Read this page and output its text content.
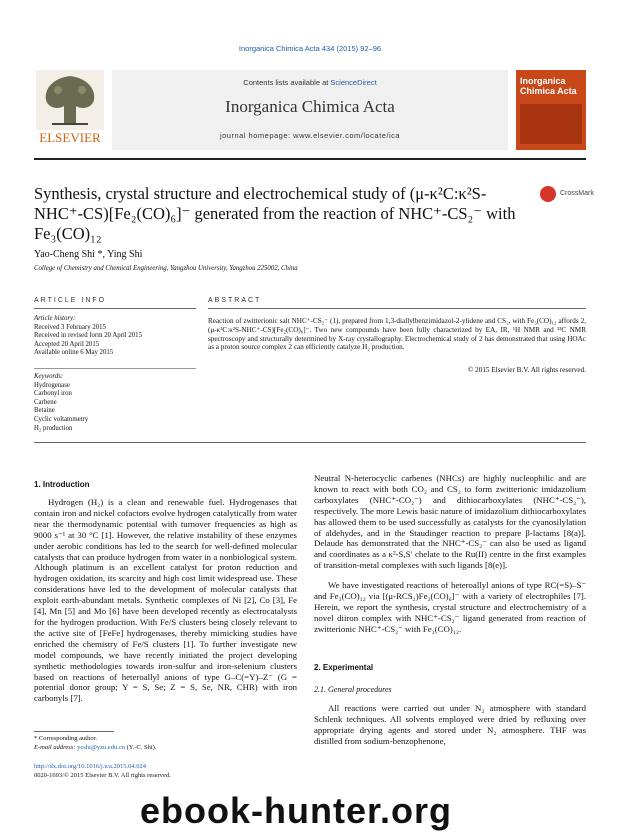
Inorganica Chimica Acta 434 (2015) 92–96
ELSEVIER
Contents lists available at ScienceDirect
Inorganica Chimica Acta
journal homepage: www.elsevier.com/locate/ica
Inorganica Chimica Acta
Synthesis, crystal structure and electrochemical study of (μ-κ²C:κ²S-NHC⁺-CS)[Fe₂(CO)₆]⁻ generated from the reaction of NHC⁺-CS₂⁻ with Fe₃(CO)₁₂
CrossMark
Yao-Cheng Shi *, Ying Shi
College of Chemistry and Chemical Engineering, Yangzhou University, Yangzhou 225002, China
ARTICLE INFO	ABSTRACT
Article history:
Received 3 February 2015
Received in revised form 20 April 2015
Accepted 20 April 2015
Available online 6 May 2015
Keywords:
Hydrogenase
Carbonyl iron
Carbene
Betaine
Cyclic voltammetry
H₂ production
Reaction of zwitterionic salt NHC⁺-CS₂⁻ (1), prepared from 1,3-diallylbenzimidazol-2-ylidene and CS₂, with Fe₃(CO)₁₂ affords 2, (μ-κ²C:κ²S-NHC⁺-CS)[Fe₂(CO)₆]⁻. Two new compounds have been fully characterized by EA, IR, ¹H NMR and ¹³C NMR spectroscopy and structurally determined by X-ray crystallography. Electrochemical study of 2 has demonstrated that using HOAc as a proton source complex 2 can efficiently catalyze H₂ production.
© 2015 Elsevier B.V. All rights reserved.
1. Introduction
Hydrogen (H₂) is a clean and renewable fuel. Hydrogenases that contain iron and nickel cofactors evolve hydrogen catalytically from water near the thermodynamic potential with turnover frequencies as high as 9000 s⁻¹ at 30 °C [1]. However, the relative instability of these enzymes under aerobic conditions has led to the search for well-defined molecular catalysts that can produce hydrogen from water in a nonbiological system. Although platinum is an excellent catalyst for proton reduction and hydrogen oxidation, its scarcity and high cost limit widespread use. These considerations have led to the development of molecular catalysts that exploit earth-abundant metals. Synthetic complexes of Ni [2], Co [3], Fe [4], Mn [5] and Mo [6] have been developed recently as electrocatalysts for the hydrogen production. With Fe/S clusters being closely relevant to the active site of [FeFe] hydrogenases, thereby mimicking studies have enriched the chemistry of Fe/S clusters [1]. To further investigate new model compounds, we have recently initiated the project developing synthetic methodologies towards iron-sulfur and iron-selenium clusters based on reactions of heteroallyl anions of type G–C(=Y)–Z⁻ (G = potential donor group; Y = S, Se; Z = S, Se, NR, CHR) with iron carbonyls [7].
Neutral N-heterocyclic carbenes (NHCs) are highly nucleophilic and are known to react with both CO₂ and CS₂ to form zwitterionic imidazolium carboxylates (NHC⁺-CO₂⁻) and dithiocarboxylates (NHC⁺-CS₂⁻), respectively. The more Lewis basic nature of imidazolium dithiocarboxylates has allowed them to be used successfully as catalysts for the cyanosilylation of aldehydes, and in the Staudinger reaction to prepare β-lactams [8(a)]. Delaude has demonstrated that the NHC⁺-CS₂⁻ can also be used as ligand and coordinates as a κ²-S,S′ chelate to the Ru(II) centre in the first examples of transition-metal complexes with such ligands [8(e)].
We have investigated reactions of heteroallyl anions of type RC(=S)–S⁻ and Fe₃(CO)₁₂ via [(μ-RCS₂)Fe₂(CO)₆]⁻ with a variety of electrophiles [7]. Herein, we report the synthesis, crystal structure and electrochemistry of a novel diiron complex with NHC⁺-CS₂⁻ ligand generated from reaction of zwitterionic NHC⁺-CS₂⁻ with Fe₃(CO)₁₂.
2. Experimental
2.1. General procedures
All reactions were carried out under N₂ atmosphere with standard Schlenk techniques. All solvents employed were dried by refluxing over appropriate drying agents and stored under N₂ atmosphere. THF was distilled from sodium-benzophenone,
* Corresponding author.
E-mail address: ycshi@yzu.edu.cn (Y.-C. Shi).
http://dx.doi.org/10.1016/j.ica.2015.04.024
0020-1693/© 2015 Elsevier B.V. All rights reserved.
ebook-hunter.org
